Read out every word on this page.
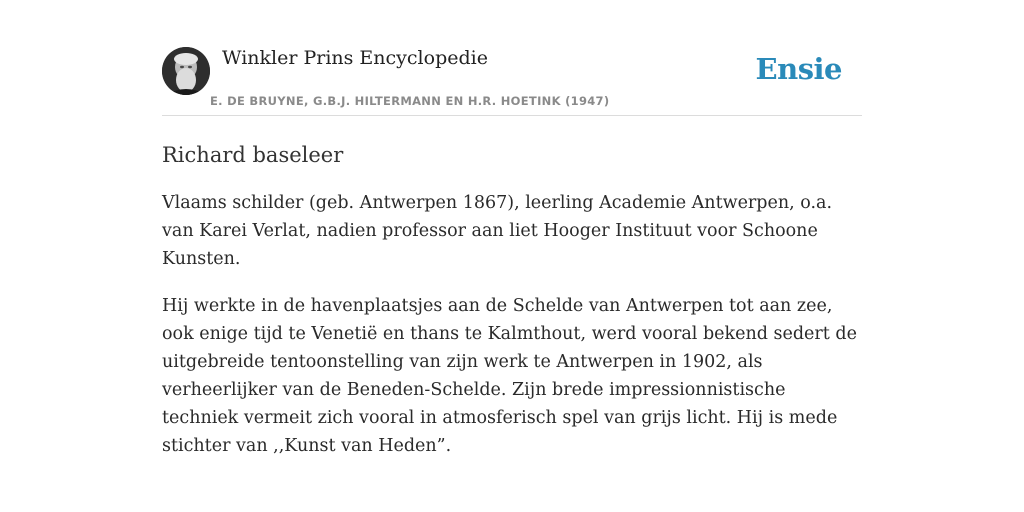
Winkler Prins Encyclopedie
E. DE BRUYNE, G.B.J. HILTERMANN EN H.R. HOETINK (1947)
Ensie
Richard baseleer

Vlaams schilder (geb. Antwerpen 1867), leerling Academie Antwerpen, o.a. van Karei Verlat, nadien professor aan liet Hooger Instituut voor Schoone Kunsten.

Hij werkte in de havenplaatsjes aan de Schelde van Antwerpen tot aan zee, ook enige tijd te Venetië en thans te Kalmthout, werd vooral bekend sedert de uitgebreide tentoonstelling van zijn werk te Antwerpen in 1902, als verheerlijker van de Beneden-Schelde. Zijn brede impressionnistische techniek vermeit zich vooral in atmosferisch spel van grijs licht. Hij is mede stichter van ,,Kunst van Heden”.
